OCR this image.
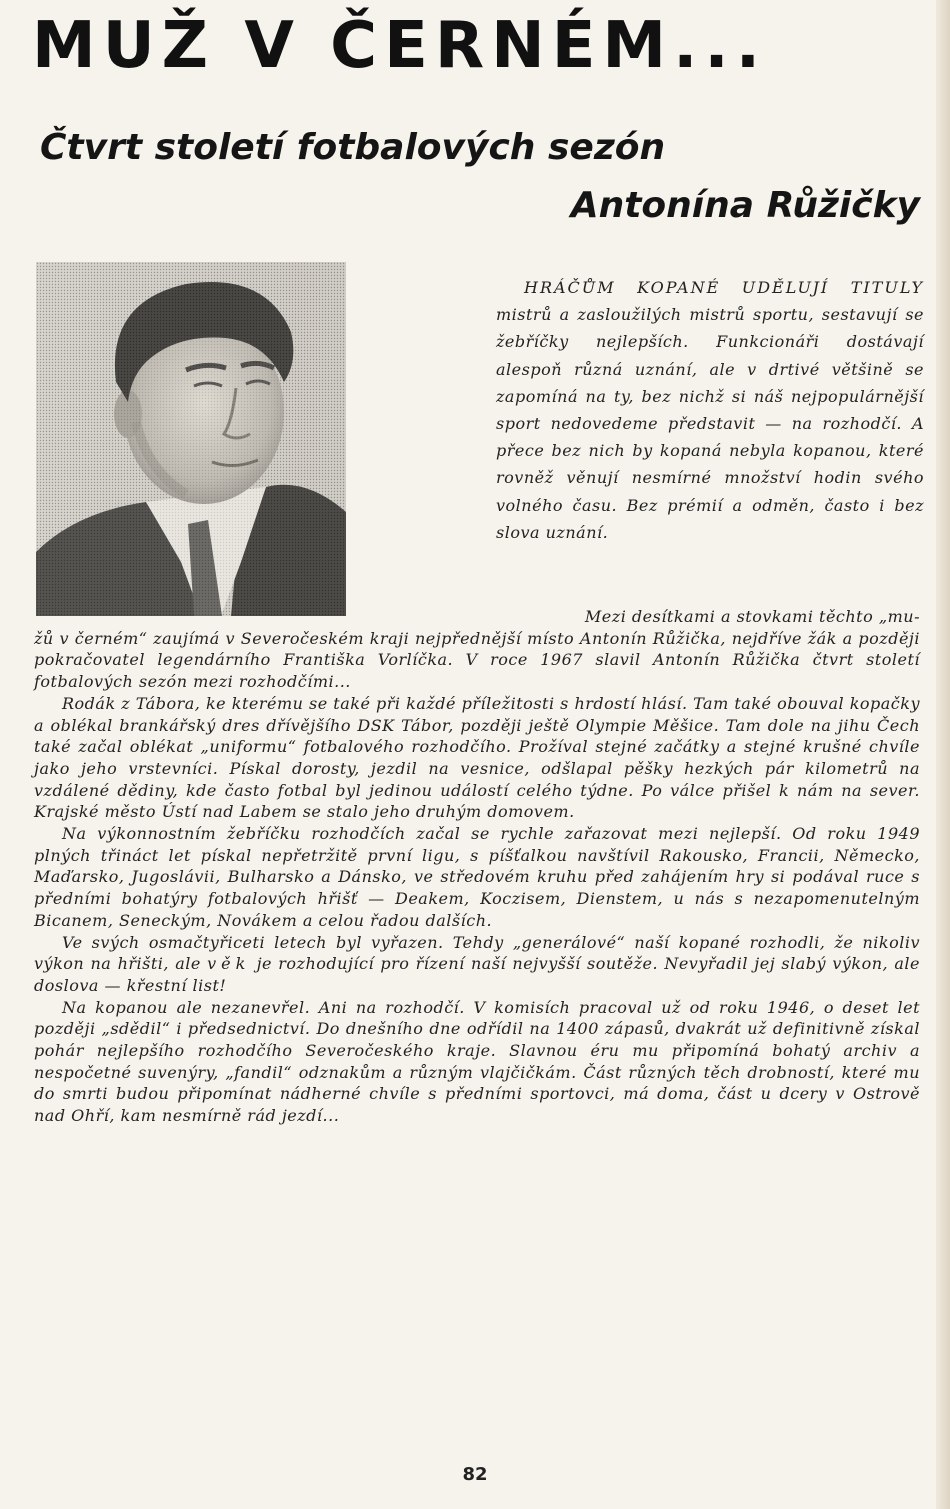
MUŽ V ČERNÉM...
Čtvrt století fotbalových sezón
Antonína Růžičky

HRÁČŮM KOPANÉ UDĚLUJÍ TITULY mistrů a zasloužilých mistrů sportu, sestavují se žebříčky nejlepších. Funkcionáři dostávají alespoň různá uznání, ale v drtivé většině se zapomíná na ty, bez nichž si náš nejpopulárnější sport nedovedeme představit — na rozhodčí. A přece bez nich by kopaná nebyla kopanou, které rovněž věnují nesmírné množství hodin svého volného času. Bez prémií a odměn, často i bez slova uznání.

Mezi desítkami a stovkami těchto „mu-
žů v černém“ zaujímá v Severočeském kraji nejpřednější místo Antonín Růžička, nejdříve žák a později pokračovatel legendárního Františka Vorlíčka. V roce 1967 slavil Antonín Růžička čtvrt století fotbalových sezón mezi rozhodčími...

Rodák z Tábora, ke kterému se také při každé příležitosti s hrdostí hlásí. Tam také obouval kopačky a oblékal brankářský dres dřívějšího DSK Tábor, později ještě Olympie Měšice. Tam dole na jihu Čech také začal oblékat „uniformu“ fotbalového rozhodčího. Prožíval stejné začátky a stejné krušné chvíle jako jeho vrstevníci. Pískal dorosty, jezdil na vesnice, odšlapal pěšky hezkých pár kilometrů na vzdálené dědiny, kde často fotbal byl jedinou událostí celého týdne. Po válce přišel k nám na sever. Krajské město Ústí nad Labem se stalo jeho druhým domovem.

Na výkonnostním žebříčku rozhodčích začal se rychle zařazovat mezi nejlepší. Od roku 1949 plných třináct let pískal nepřetržitě první ligu, s píšťalkou navštívil Rakousko, Francii, Německo, Maďarsko, Jugoslávii, Bulharsko a Dánsko, ve středovém kruhu před zahájením hry si podával ruce s předními bohatýry fotbalových hřišť — Deakem, Koczisem, Dienstem, u nás s nezapomenutelným Bicanem, Seneckým, Novákem a celou řadou dalších.

Ve svých osmačtyřiceti letech byl vyřazen. Tehdy „generálové“ naší kopané rozhodli, že nikoliv výkon na hřišti, ale věk je rozhodující pro řízení naší nejvyšší soutěže. Nevyřadil jej slabý výkon, ale doslova — křestní list!

Na kopanou ale nezanevřel. Ani na rozhodčí. V komisích pracoval už od roku 1946, o deset let později „sdědil“ i předsednictví. Do dnešního dne odřídil na 1400 zápasů, dvakrát už definitivně získal pohár nejlepšího rozhodčího Severočeského kraje. Slavnou éru mu připomíná bohatý archiv a nespočetné suvenýry, „fandil“ odznakům a různým vlajčičkám. Část různých těch drobností, které mu do smrti budou připomínat nádherné chvíle s předními sportovci, má doma, část u dcery v Ostrově nad Ohří, kam nesmírně rád jezdí...

82
